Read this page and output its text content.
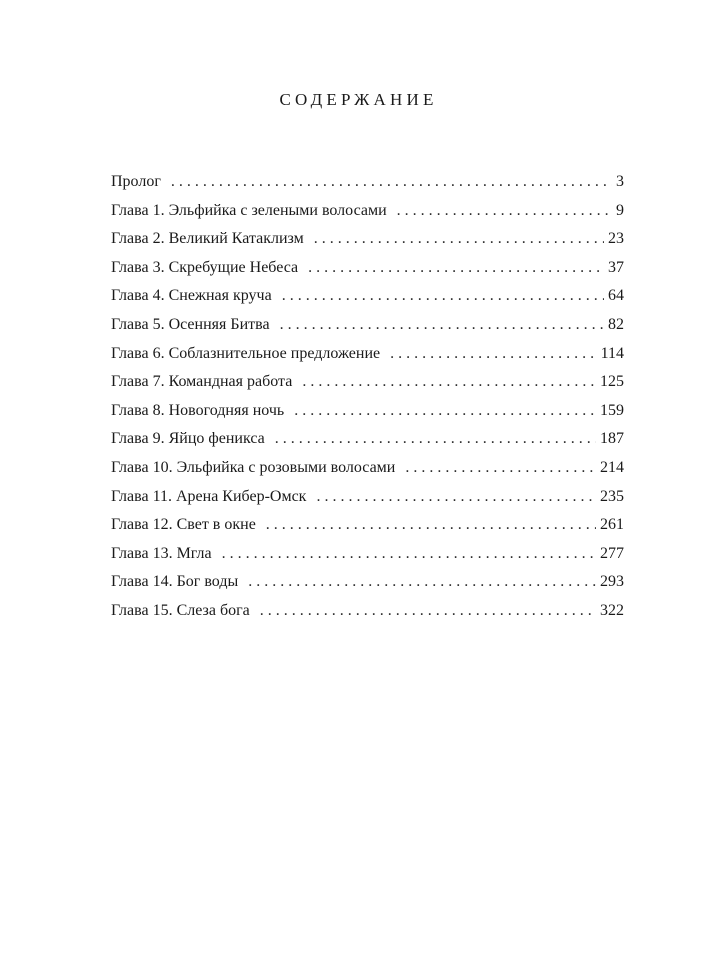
СОДЕРЖАНИЕ
Пролог . . .	3
Глава 1. Эльфийка с зелеными волосами . . .	9
Глава 2. Великий Катаклизм . . .	23
Глава 3. Скребущие Небеса . . .	37
Глава 4. Снежная круча . . .	64
Глава 5. Осенняя Битва . . .	82
Глава 6. Соблазнительное предложение . . .	114
Глава 7. Командная работа . . .	125
Глава 8. Новогодняя ночь . . .	159
Глава 9. Яйцо феникса . . .	187
Глава 10. Эльфийка с розовыми волосами . . .	214
Глава 11. Арена Кибер-Омск . . .	235
Глава 12. Свет в окне . . .	261
Глава 13. Мгла . . .	277
Глава 14. Бог воды . . .	293
Глава 15. Слеза бога . . .	322
